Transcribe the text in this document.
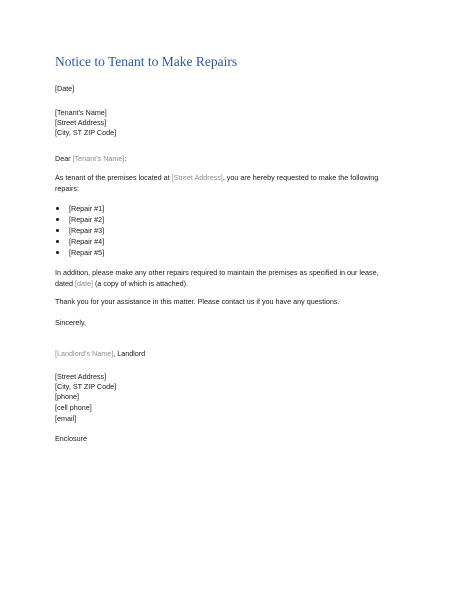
Notice to Tenant to Make Repairs
[Date]
[Tenant’s Name]
[Street Address]
[City, ST ZIP Code]
Dear [Tenant’s Name]:
As tenant of the premises located at [Street Address], you are hereby requested to make the following repairs:
[Repair #1]
[Repair #2]
[Repair #3]
[Repair #4]
[Repair #5]
In addition, please make any other repairs required to maintain the premises as specified in our lease, dated [date] (a copy of which is attached).
Thank you for your assistance in this matter. Please contact us if you have any questions.
Sincerely,
[Landlord’s Name], Landlord
[Street Address]
[City, ST ZIP Code]
[phone]
[cell phone]
[email]
Enclosure
